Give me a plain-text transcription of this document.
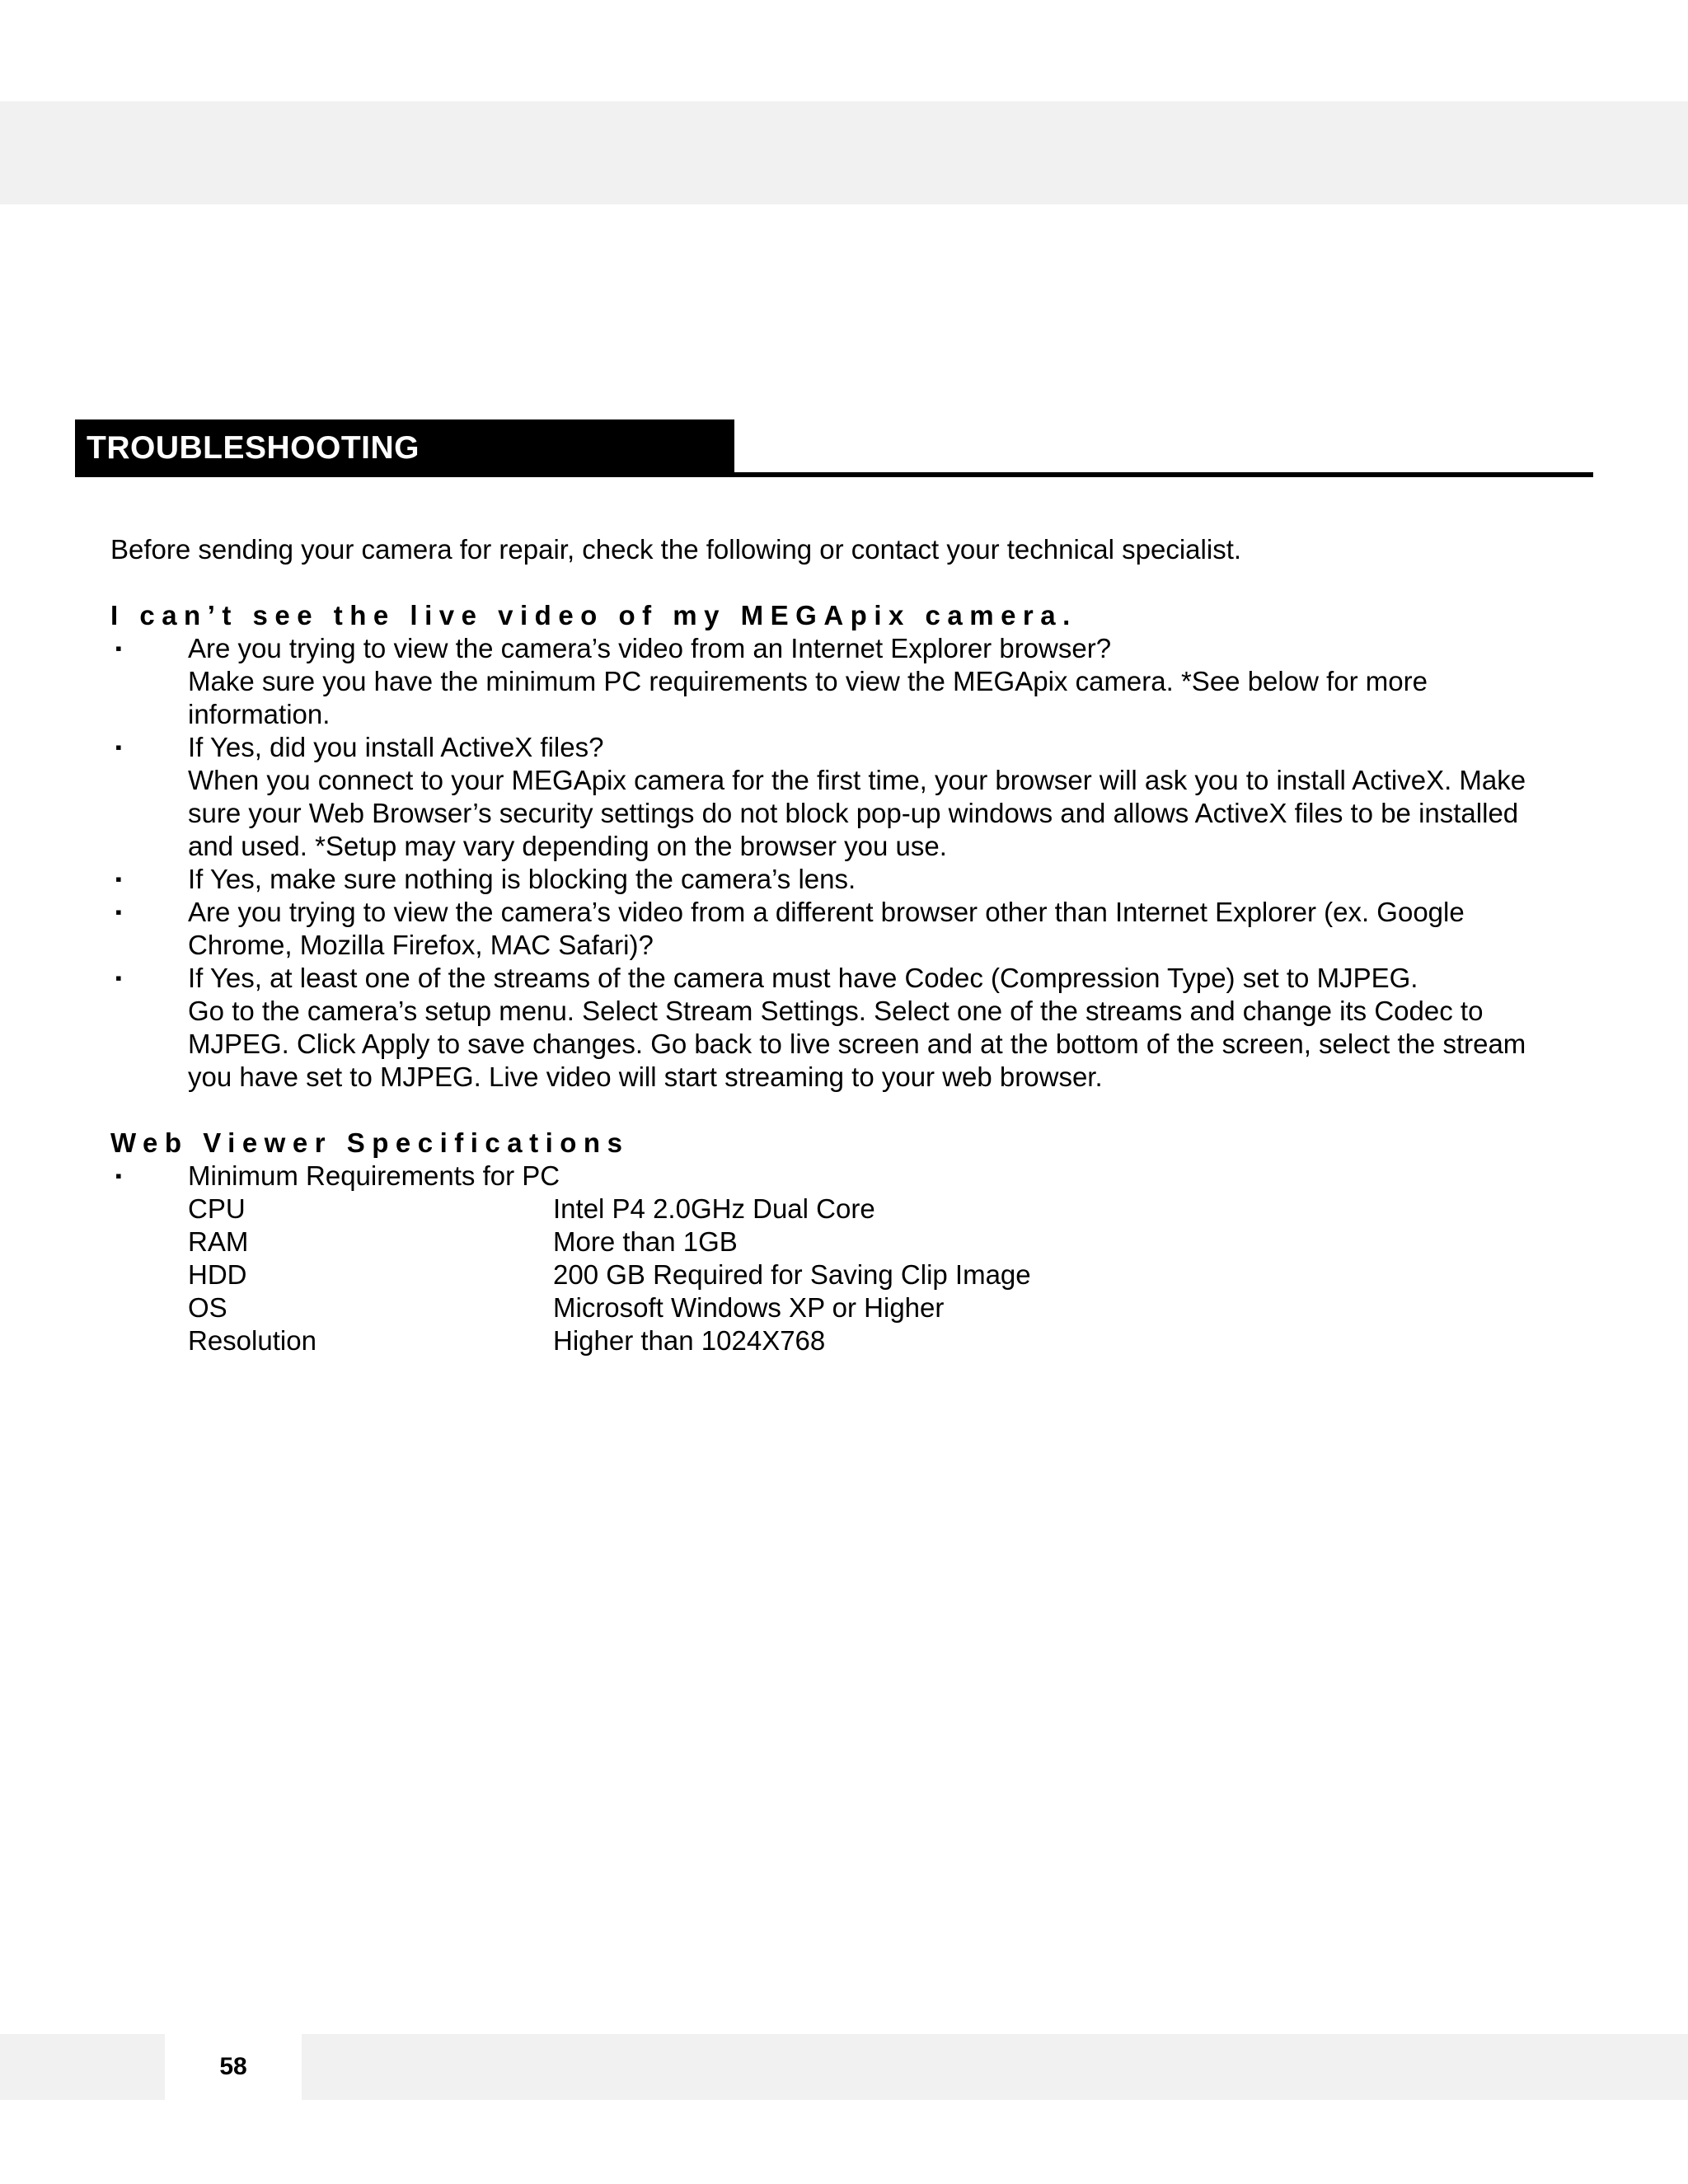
TROUBLESHOOTING

Before sending your camera for repair, check the following or contact your technical specialist.

I can’t see the live video of my MEGApix camera.
▪ Are you trying to view the camera’s video from an Internet Explorer browser?
Make sure you have the minimum PC requirements to view the MEGApix camera. *See below for more
information.
▪ If Yes, did you install ActiveX files?
When you connect to your MEGApix camera for the first time, your browser will ask you to install ActiveX. Make
sure your Web Browser’s security settings do not block pop-up windows and allows ActiveX files to be installed
and used. *Setup may vary depending on the browser you use.
▪ If Yes, make sure nothing is blocking the camera’s lens.
▪ Are you trying to view the camera’s video from a different browser other than Internet Explorer (ex. Google
Chrome, Mozilla Firefox, MAC Safari)?
▪ If Yes, at least one of the streams of the camera must have Codec (Compression Type) set to MJPEG.
Go to the camera’s setup menu. Select Stream Settings. Select one of the streams and change its Codec to
MJPEG. Click Apply to save changes. Go back to live screen and at the bottom of the screen, select the stream
you have set to MJPEG. Live video will start streaming to your web browser.
Web Viewer Specifications
▪ Minimum Requirements for PC
CPU	Intel P4 2.0GHz Dual Core
RAM	More than 1GB
HDD	200 GB Required for Saving Clip Image
OS	Microsoft Windows XP or Higher
Resolution	Higher than 1024X768
58
